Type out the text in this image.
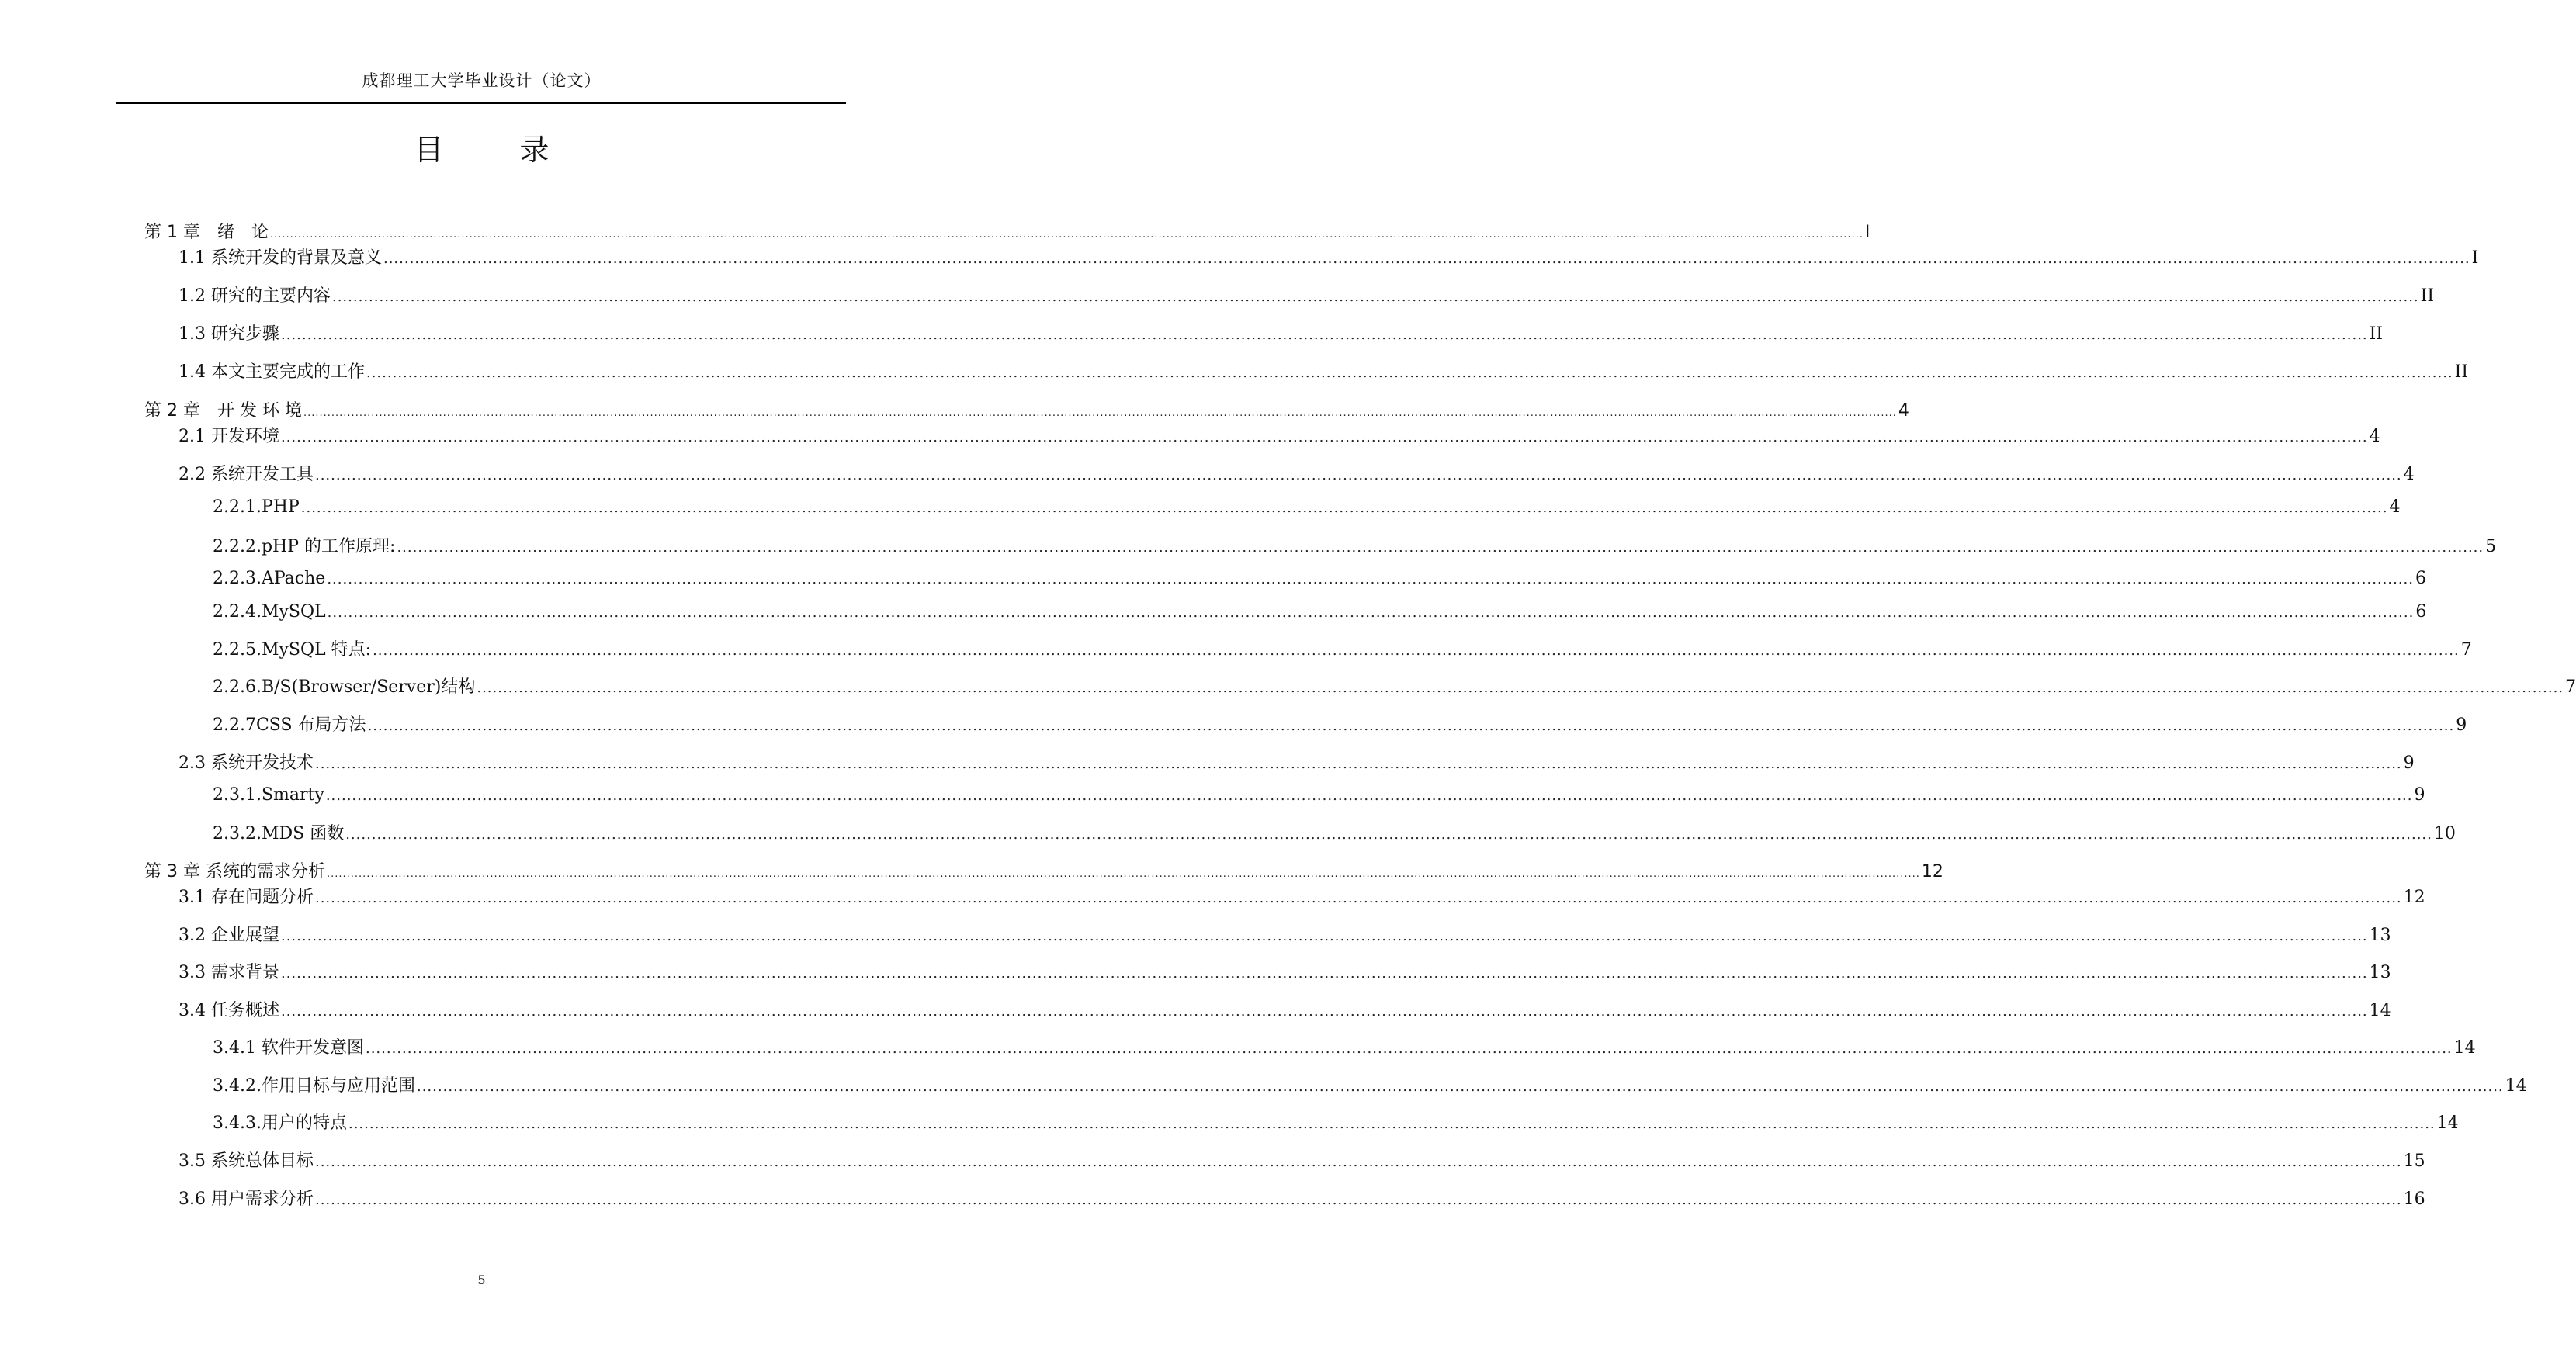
成都理工大学毕业设计（论文）
目　录
第 1 章　绪　论 ................................................................................................................................................................................................................................................................................................................................................................................................................ I
1.1 系统开发的背景及意义 ................................................................................................................................................................................................................................................................................................................................................................................................................ I
1.2 研究的主要内容 ................................................................................................................................................................................................................................................................................................................................................................................................................ II
1.3 研究步骤 ................................................................................................................................................................................................................................................................................................................................................................................................................ II
1.4 本文主要完成的工作 ................................................................................................................................................................................................................................................................................................................................................................................................................ II
第 2 章　开 发 环 境 ................................................................................................................................................................................................................................................................................................................................................................................................................ 4
2.1 开发环境 ................................................................................................................................................................................................................................................................................................................................................................................................................ 4
2.2 系统开发工具 ................................................................................................................................................................................................................................................................................................................................................................................................................ 4
2.2.1.PHP ................................................................................................................................................................................................................................................................................................................................................................................................................ 4
2.2.2.pHP 的工作原理: ................................................................................................................................................................................................................................................................................................................................................................................................................ 5
2.2.3.APache ................................................................................................................................................................................................................................................................................................................................................................................................................ 6
2.2.4.MySQL ................................................................................................................................................................................................................................................................................................................................................................................................................ 6
2.2.5.MySQL 特点: ................................................................................................................................................................................................................................................................................................................................................................................................................ 7
2.2.6.B/S(Browser/Server)结构 ................................................................................................................................................................................................................................................................................................................................................................................................................ 7
2.2.7CSS 布局方法 ................................................................................................................................................................................................................................................................................................................................................................................................................ 9
2.3 系统开发技术 ................................................................................................................................................................................................................................................................................................................................................................................................................ 9
2.3.1.Smarty ................................................................................................................................................................................................................................................................................................................................................................................................................ 9
2.3.2.MDS 函数 ................................................................................................................................................................................................................................................................................................................................................................................................................ 10
第 3 章 系统的需求分析 ................................................................................................................................................................................................................................................................................................................................................................................................................ 12
3.1 存在问题分析 ................................................................................................................................................................................................................................................................................................................................................................................................................ 12
3.2 企业展望 ................................................................................................................................................................................................................................................................................................................................................................................................................ 13
3.3 需求背景 ................................................................................................................................................................................................................................................................................................................................................................................................................ 13
3.4 任务概述 ................................................................................................................................................................................................................................................................................................................................................................................................................ 14
3.4.1 软件开发意图 ................................................................................................................................................................................................................................................................................................................................................................................................................ 14
3.4.2.作用目标与应用范围 ................................................................................................................................................................................................................................................................................................................................................................................................................ 14
3.4.3.用户的特点 ................................................................................................................................................................................................................................................................................................................................................................................................................ 14
3.5 系统总体目标 ................................................................................................................................................................................................................................................................................................................................................................................................................ 15
3.6 用户需求分析 ................................................................................................................................................................................................................................................................................................................................................................................................................ 16
5
